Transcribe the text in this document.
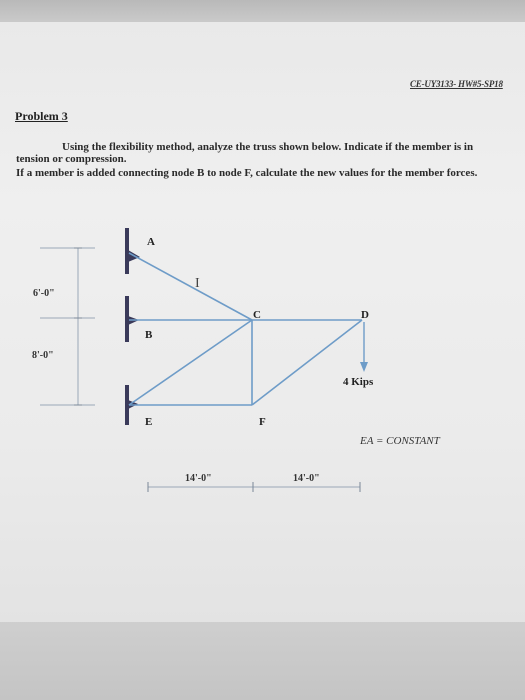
CE-UY3133- HW#5-SP18
Problem 3

Using the flexibility method, analyze the truss shown below. Indicate if the member is in tension or compression.

If a member is added connecting node B to node F, calculate the new values for the member forces.

6'-0"
8'-0"
4 Kips
I
A
B
C	D
E	F
EA = CONSTANT
14'-0"	14'-0"
